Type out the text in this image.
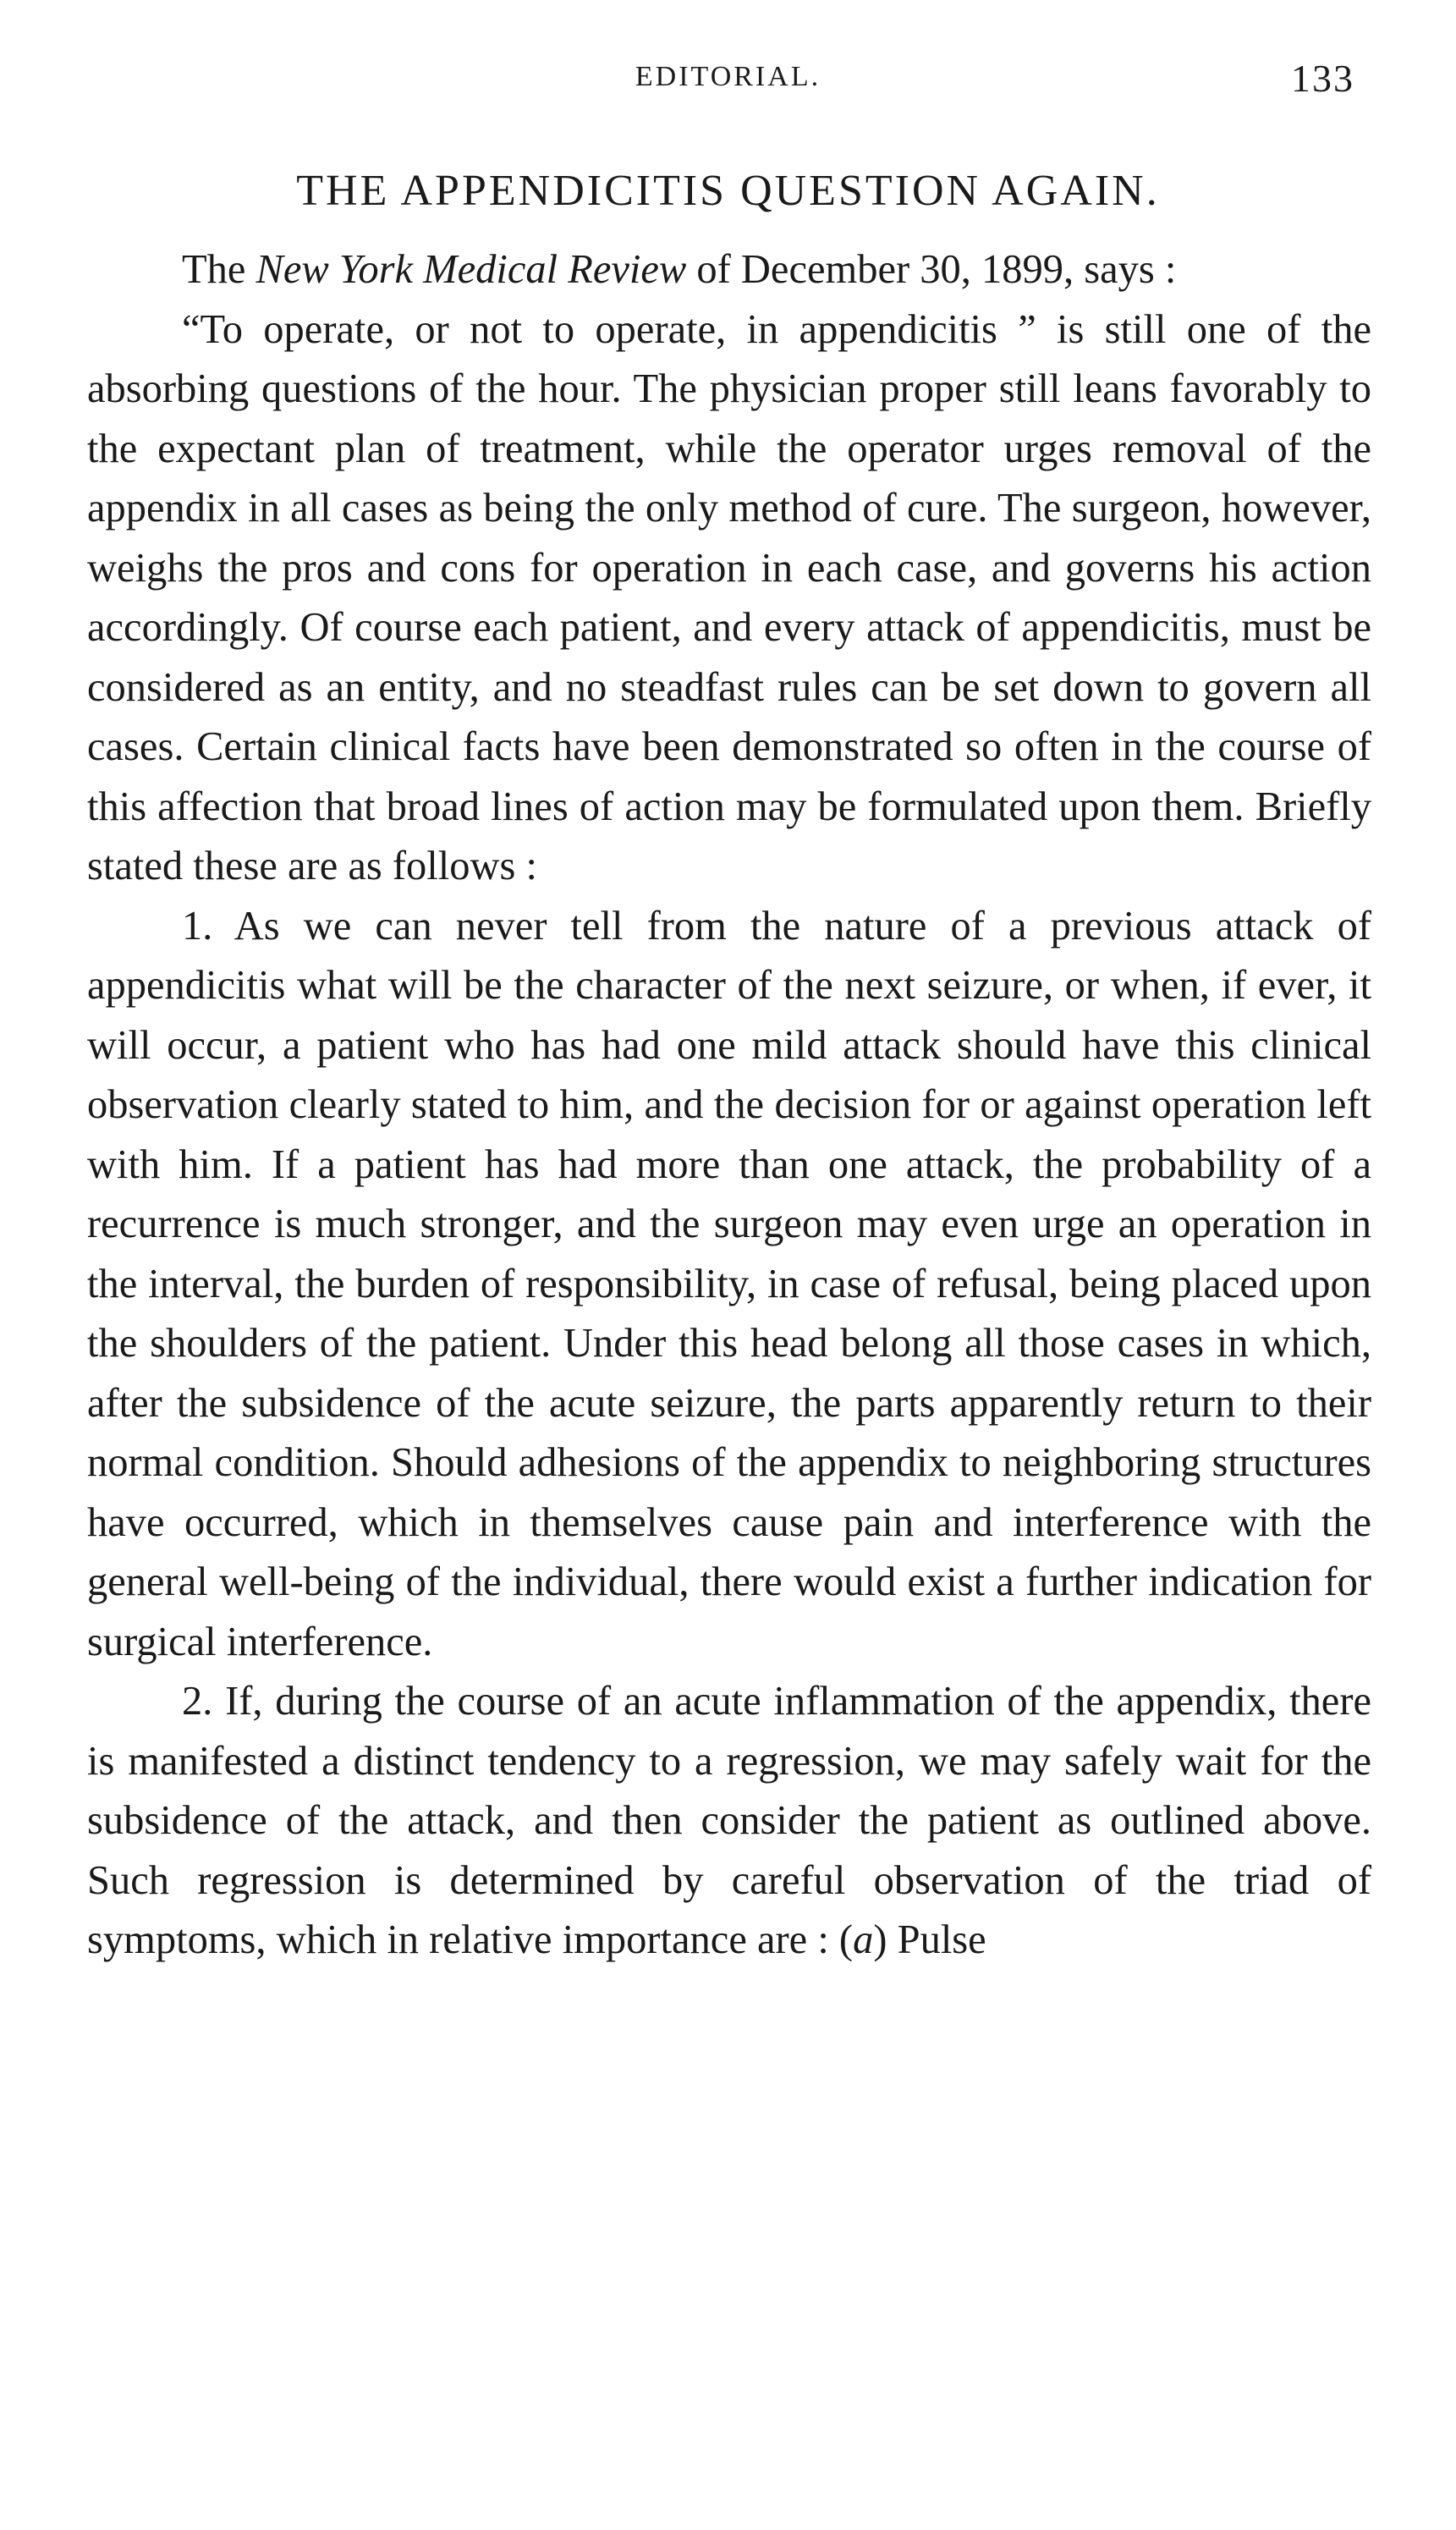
EDITORIAL.	133
THE APPENDICITIS QUESTION AGAIN.

The New York Medical Review of December 30, 1899, says :

“To operate, or not to operate, in appendicitis ” is still one of the absorbing questions of the hour. The physician proper still leans favorably to the expectant plan of treatment, while the operator urges removal of the appendix in all cases as being the only method of cure. The surgeon, however, weighs the pros and cons for operation in each case, and governs his action accordingly. Of course each patient, and every attack of appendicitis, must be considered as an entity, and no steadfast rules can be set down to govern all cases. Certain clinical facts have been demonstrated so often in the course of this affection that broad lines of action may be formulated upon them. Briefly stated these are as follows :

1. As we can never tell from the nature of a previous attack of appendicitis what will be the character of the next seizure, or when, if ever, it will occur, a patient who has had one mild attack should have this clinical observation clearly stated to him, and the decision for or against operation left with him. If a patient has had more than one attack, the probability of a recurrence is much stronger, and the surgeon may even urge an operation in the interval, the burden of responsibility, in case of refusal, being placed upon the shoulders of the patient. Under this head belong all those cases in which, after the subsidence of the acute seizure, the parts apparently return to their normal condition. Should adhesions of the appendix to neighboring structures have occurred, which in themselves cause pain and interference with the general well-being of the individual, there would exist a further indication for surgical interference.

2. If, during the course of an acute inflammation of the appendix, there is manifested a distinct tendency to a regression, we may safely wait for the subsidence of the attack, and then consider the patient as outlined above. Such regression is determined by careful observation of the triad of symptoms, which in relative importance are : (a) Pulse
